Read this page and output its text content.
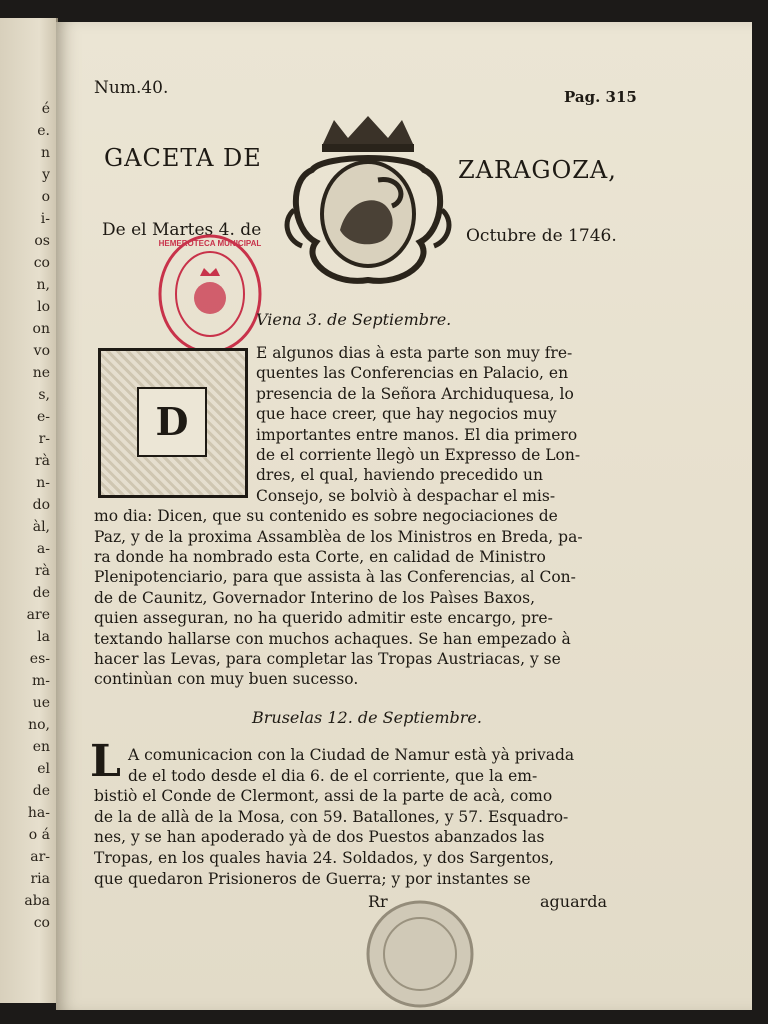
é
e.
n
y
o
i-
os
co
n,
lo
on
vo
ne
s,
e-
r-
rà
n-
do
àl,
a-
rà
de
are
la
es-
m-
ue
no,
en
el
de
ha-
o á
ar-
ria
aba
co
Num.40.	Pag. 315
GACETA DE	ZARAGOZA,
De el Martes 4. de	Octubre de 1746.
HEMEROTECA MUNICIPAL
Viena 3. de Septiembre.
D
E algunos dias à esta parte son muy fre-
quentes las Conferencias en Palacio, en
presencia de la Señora Archiduquesa, lo
que hace creer, que hay negocios muy
importantes entre manos. El dia primero
de el corriente llegò un Expresso de Lon-
dres, el qual, haviendo precedido un
Consejo, se bolviò à despachar el mis-
mo dia: Dicen, que su contenido es sobre negociaciones de
Paz, y de la proxima Assamblèa de los Ministros en Breda, pa-
ra donde ha nombrado esta Corte, en calidad de Ministro
Plenipotenciario, para que assista à las Conferencias, al Con-
de de Caunitz, Governador Interino de los Paìses Baxos,
quien asseguran, no ha querido admitir este encargo, pre-
textando hallarse con muchos achaques. Se han empezado à
hacer las Levas, para completar las Tropas Austriacas, y se
continùan con muy buen sucesso.
Bruselas 12. de Septiembre.
L A comunicacion con la Ciudad de Namur està yà privada
de el todo desde el dia 6. de el corriente, que la em-
bistiò el Conde de Clermont, assi de la parte de acà, como
de la de allà de la Mosa, con 59. Batallones, y 57. Esquadro-
nes, y se han apoderado yà de dos Puestos abanzados las
Tropas, en los quales havia 24. Soldados, y dos Sargentos,
que quedaron Prisioneros de Guerra; y por instantes se
Rr	aguarda
